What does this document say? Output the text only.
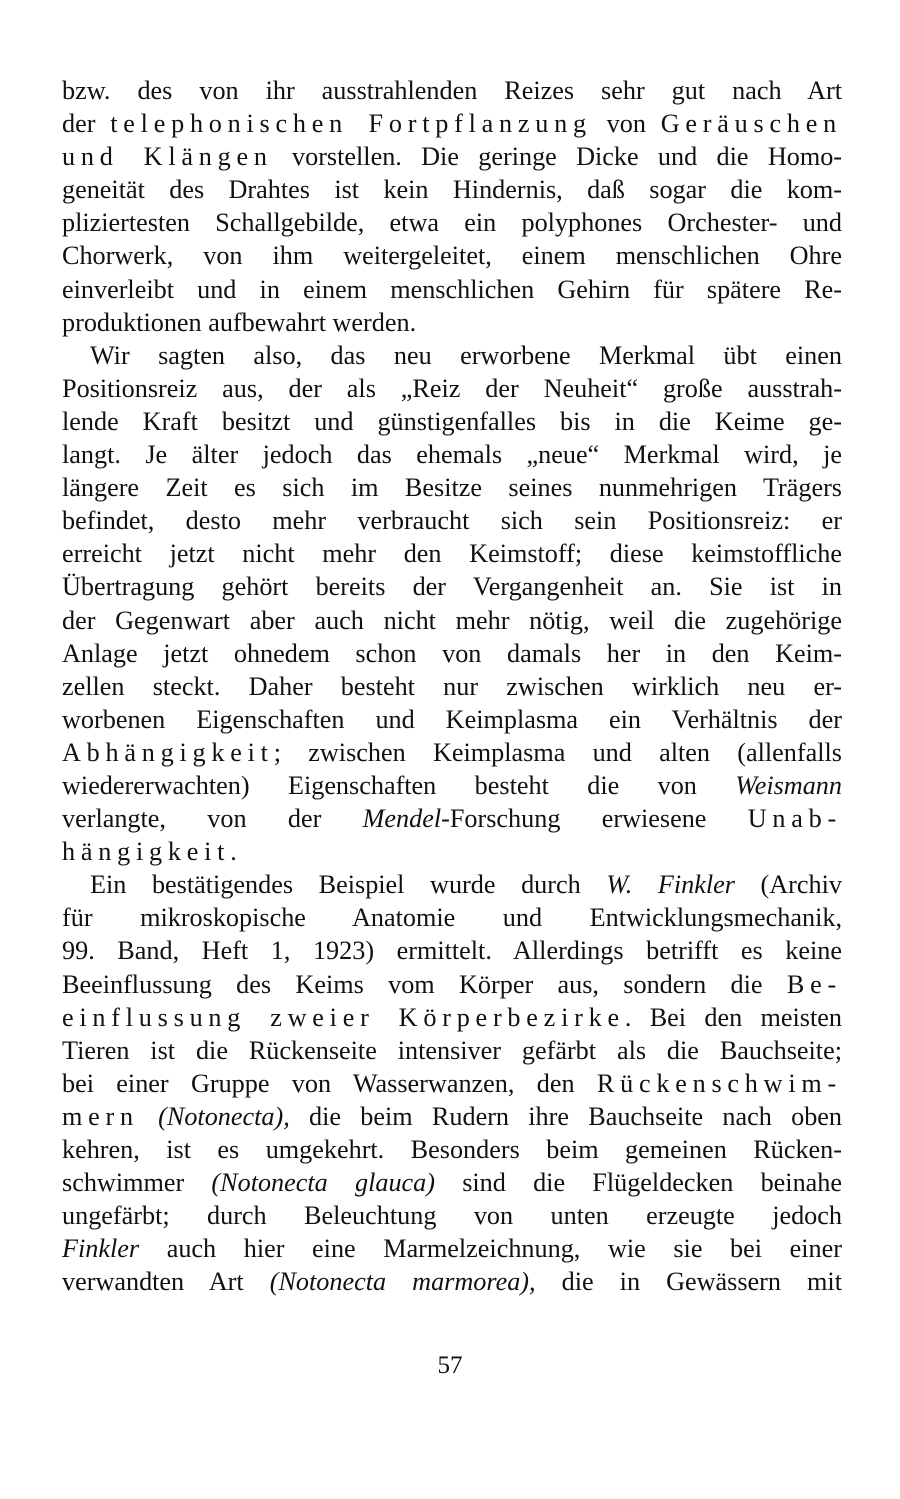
bzw. des von ihr ausstrahlenden Reizes sehr gut nach Art
der telephonischen Fortpflanzung von Geräuschen
und Klängen vorstellen. Die geringe Dicke und die Homo-
geneität des Drahtes ist kein Hindernis, daß sogar die kom-
pliziertesten Schallgebilde, etwa ein polyphones Orchester- und
Chorwerk, von ihm weitergeleitet, einem menschlichen Ohre
einverleibt und in einem menschlichen Gehirn für spätere Re-
produktionen aufbewahrt werden.
Wir sagten also, das neu erworbene Merkmal übt einen
Positionsreiz aus, der als „Reiz der Neuheit“ große ausstrah-
lende Kraft besitzt und günstigenfalles bis in die Keime ge-
langt. Je älter jedoch das ehemals „neue“ Merkmal wird, je
längere Zeit es sich im Besitze seines nunmehrigen Trägers
befindet, desto mehr verbraucht sich sein Positionsreiz: er
erreicht jetzt nicht mehr den Keimstoff; diese keimstoffliche
Übertragung gehört bereits der Vergangenheit an. Sie ist in
der Gegenwart aber auch nicht mehr nötig, weil die zugehörige
Anlage jetzt ohnedem schon von damals her in den Keim-
zellen steckt. Daher besteht nur zwischen wirklich neu er-
worbenen Eigenschaften und Keimplasma ein Verhältnis der
Abhängigkeit; zwischen Keimplasma und alten (allenfalls
wiedererwachten) Eigenschaften besteht die von Weismann
verlangte, von der Mendel-Forschung erwiesene Unab-
hängigkeit.
Ein bestätigendes Beispiel wurde durch W. Finkler (Archiv
für mikroskopische Anatomie und Entwicklungsmechanik,
99. Band, Heft 1, 1923) ermittelt. Allerdings betrifft es keine
Beeinflussung des Keims vom Körper aus, sondern die Be-
einflussung zweier Körperbezirke. Bei den meisten
Tieren ist die Rückenseite intensiver gefärbt als die Bauchseite;
bei einer Gruppe von Wasserwanzen, den Rückenschwim-
mern (Notonecta), die beim Rudern ihre Bauchseite nach oben
kehren, ist es umgekehrt. Besonders beim gemeinen Rücken-
schwimmer (Notonecta glauca) sind die Flügeldecken beinahe
ungefärbt; durch Beleuchtung von unten erzeugte jedoch
Finkler auch hier eine Marmelzeichnung, wie sie bei einer
verwandten Art (Notonecta marmorea), die in Gewässern mit
57
